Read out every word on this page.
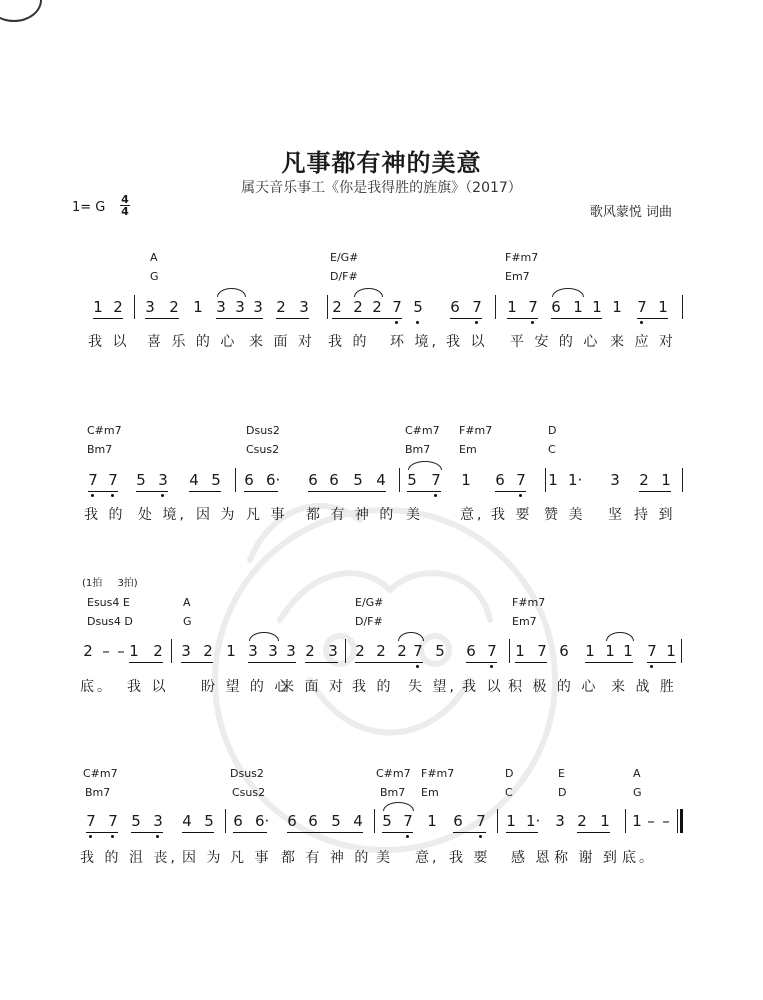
凡事都有神的美意
属天音乐事工《你是我得胜的旌旗》（2017）
1= G
4
4	歌风蒙悦 词曲
(1拍 3拍)
A	E/G#	F#m7
G	D/F#	Em7
1 2 3 2 1 3 3 3 2 3 2 2 2 7 5 6 7 1 7 6 1 1 1 7 1
我 以 喜 乐 的 心 来 面 对 我 的 环 境, 我 以 平 安 的 心 来 应 对
C#m7	Dsus2	C#m7 F#m7	D
Bm7	Csus2	Bm7	Em	C
7 7 5 3 4 5 6 6· 6 6 5 4 5 7 1 6 7 1 1· 3 2 1
我 的 处 境, 因 为 凡 事 都 有 神 的 美	意, 我 要 赞 美 坚 持 到
Esus4 E	A	E/G#	F#m7
Dsus4 D	G	D/F#	Em7
2 – – 1 2 3 2 1 3 3 3 2 3 2 2 2 7 5 6 7 1 7 6 1 1 1 7 1
底。 我 以 盼 望 的 心
来 面 对 我 的 失 望, 我 以 积 极 的 心 来 战 胜
C#m7	Dsus2	C#m7 F#m7	D	E	A
Bm7	Csus2	Bm7 Em	C	D	G
7 7 5 3 4 5 6 6· 6 6 5 4 5 7 1 6 7 1 1· 3 2 1 1 – –
我 的 沮 丧, 因 为 凡 事 都 有 神 的 美 意, 我 要 感 恩 称 谢 到 底。
